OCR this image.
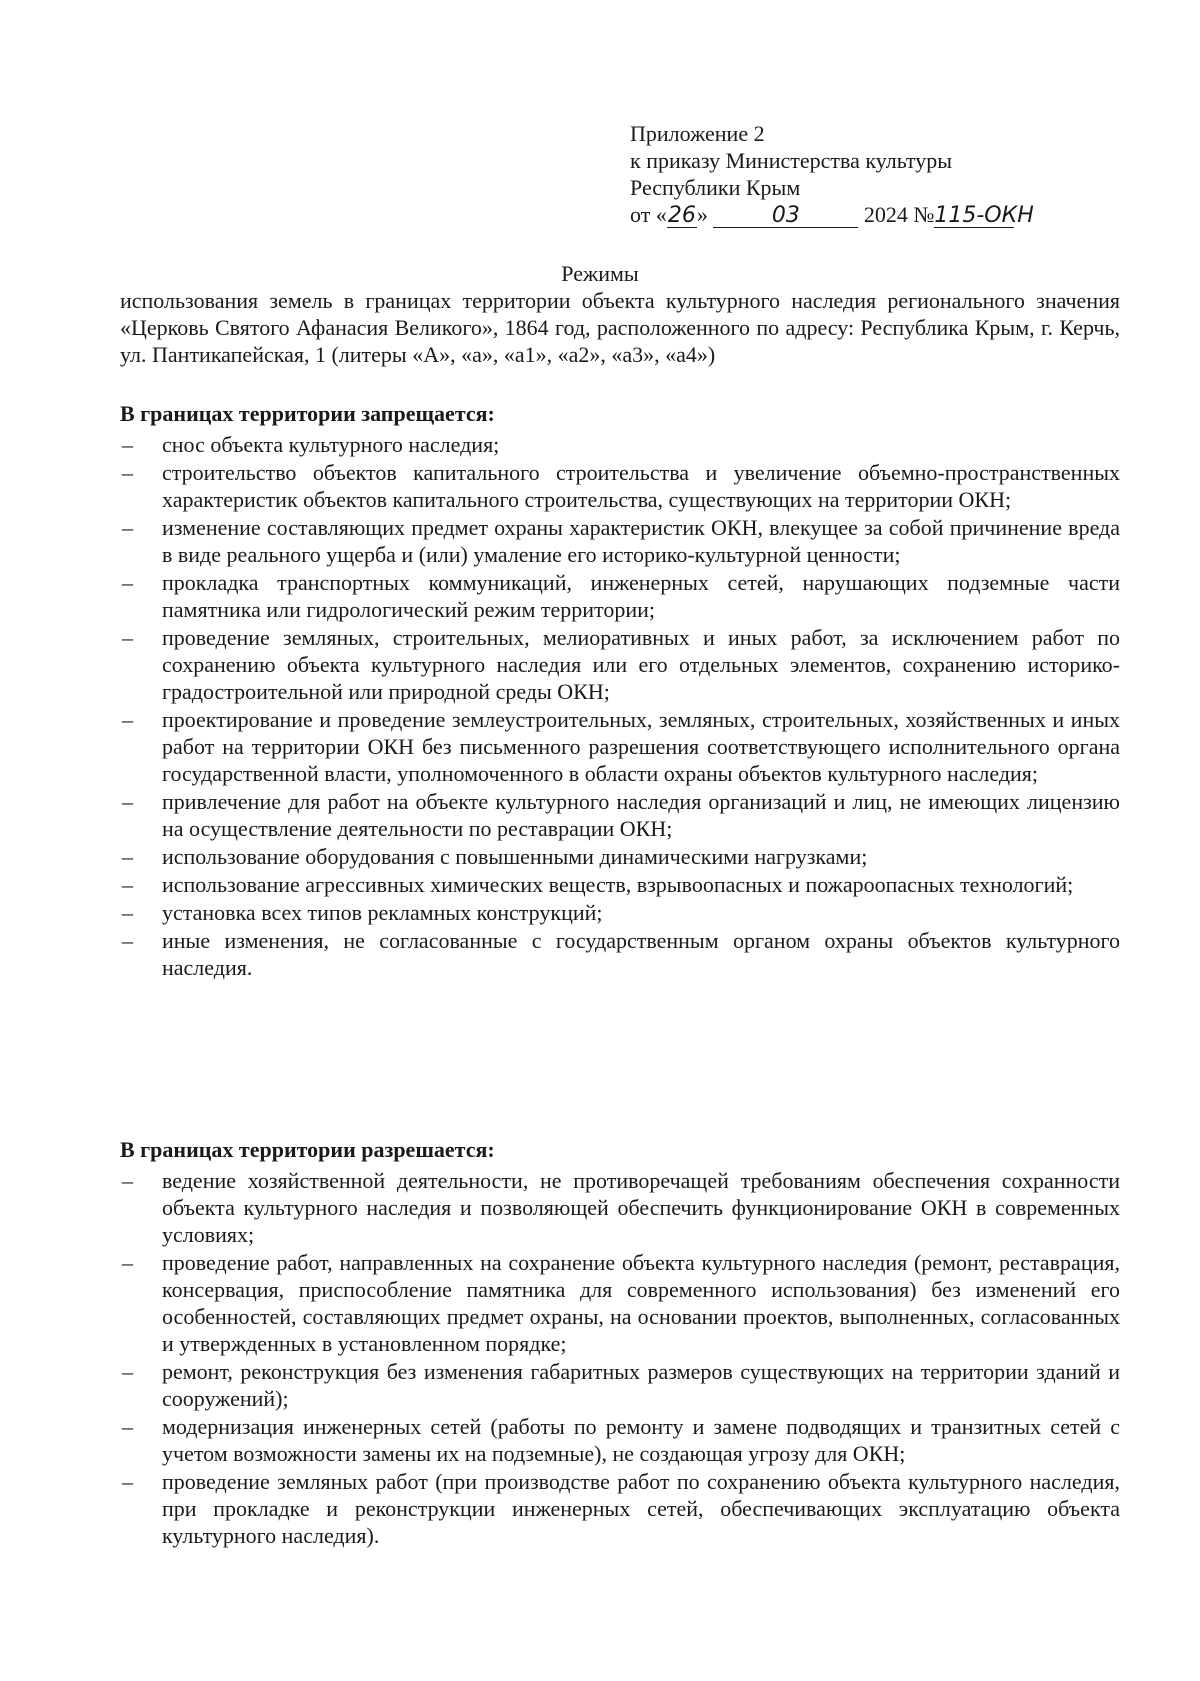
Приложение 2
к приказу Министерства культуры
Республики Крым
от «26»	03	2024 №115-ОКН
Режимы
использования земель в границах территории объекта культурного наследия регионального значения «Церковь Святого Афанасия Великого», 1864 год, расположенного по адресу: Республика Крым, г. Керчь, ул. Пантикапейская, 1 (литеры «А», «а», «а1», «а2», «а3», «а4»)
В границах территории запрещается:
– снос объекта культурного наследия;
– строительство объектов капитального строительства и увеличение объемно-пространственных характеристик объектов капитального строительства, существующих на территории ОКН;
– изменение составляющих предмет охраны характеристик ОКН, влекущее за собой причинение вреда в виде реального ущерба и (или) умаление его историко-культурной ценности;
– прокладка транспортных коммуникаций, инженерных сетей, нарушающих подземные части памятника или гидрологический режим территории;
– проведение земляных, строительных, мелиоративных и иных работ, за исключением работ по сохранению объекта культурного наследия или его отдельных элементов, сохранению историко-градостроительной или природной среды ОКН;
– проектирование и проведение землеустроительных, земляных, строительных, хозяйственных и иных работ на территории ОКН без письменного разрешения соответствующего исполнительного органа государственной власти, уполномоченного в области охраны объектов культурного наследия;
– привлечение для работ на объекте культурного наследия организаций и лиц, не имеющих лицензию на осуществление деятельности по реставрации ОКН;
– использование оборудования с повышенными динамическими нагрузками;
– использование агрессивных химических веществ, взрывоопасных и пожароопасных технологий;
– установка всех типов рекламных конструкций;
– иные изменения, не согласованные с государственным органом охраны объектов культурного наследия.
В границах территории разрешается:
– ведение хозяйственной деятельности, не противоречащей требованиям обеспечения сохранности объекта культурного наследия и позволяющей обеспечить функционирование ОКН в современных условиях;
– проведение работ, направленных на сохранение объекта культурного наследия (ремонт, реставрация, консервация, приспособление памятника для современного использования) без изменений его особенностей, составляющих предмет охраны, на основании проектов, выполненных, согласованных и утвержденных в установленном порядке;
– ремонт, реконструкция без изменения габаритных размеров существующих на территории зданий и сооружений);
– модернизация инженерных сетей (работы по ремонту и замене подводящих и транзитных сетей с учетом возможности замены их на подземные), не создающая угрозу для ОКН;
– проведение земляных работ (при производстве работ по сохранению объекта культурного наследия, при прокладке и реконструкции инженерных сетей, обеспечивающих эксплуатацию объекта культурного наследия).
